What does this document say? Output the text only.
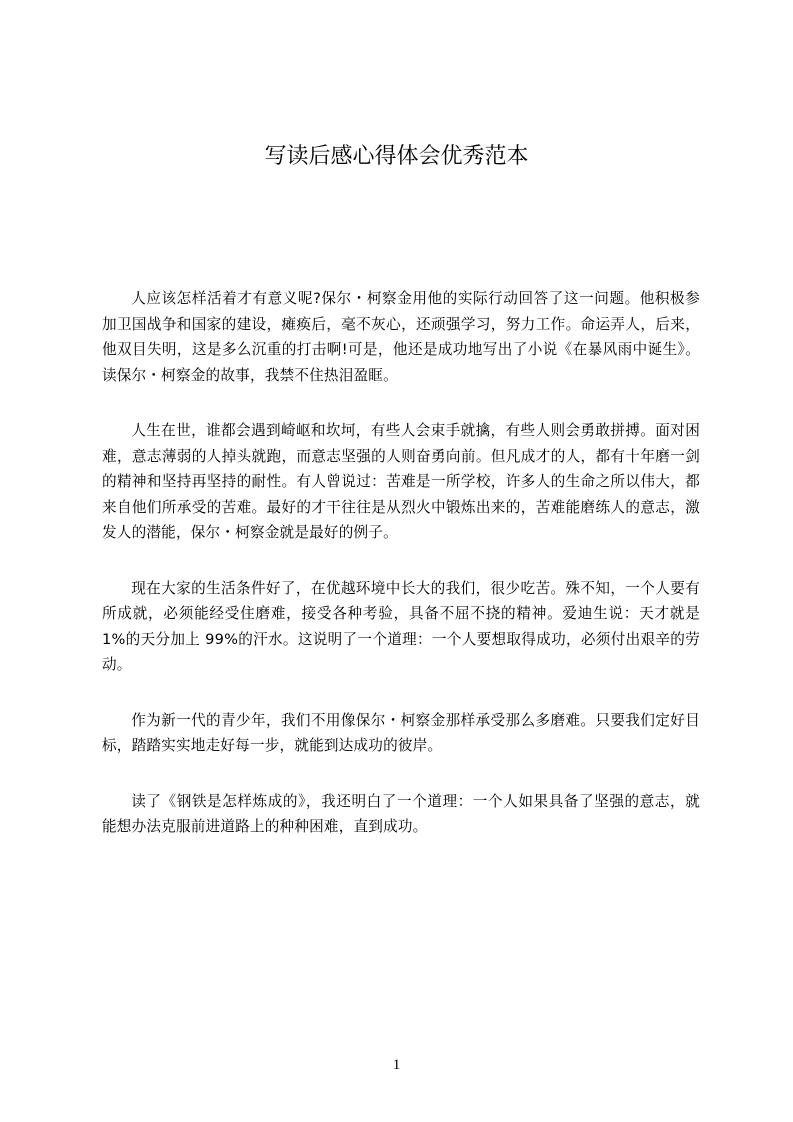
写读后感心得体会优秀范本

人应该怎样活着才有意义呢?保尔・柯察金用他的实际行动回答了这一问题。他积极参加卫国战争和国家的建设，瘫痪后，毫不灰心，还顽强学习，努力工作。命运弄人，后来，他双目失明，这是多么沉重的打击啊!可是，他还是成功地写出了小说《在暴风雨中诞生》。读保尔・柯察金的故事，我禁不住热泪盈眶。

人生在世，谁都会遇到崎岖和坎坷，有些人会束手就擒，有些人则会勇敢拼搏。面对困难，意志薄弱的人掉头就跑，而意志坚强的人则奋勇向前。但凡成才的人，都有十年磨一剑的精神和坚持再坚持的耐性。有人曾说过：苦难是一所学校，许多人的生命之所以伟大，都来自他们所承受的苦难。最好的才干往往是从烈火中锻炼出来的，苦难能磨练人的意志，激发人的潜能，保尔・柯察金就是最好的例子。

现在大家的生活条件好了，在优越环境中长大的我们，很少吃苦。殊不知，一个人要有所成就，必须能经受住磨难，接受各种考验，具备不屈不挠的精神。爱迪生说：天才就是 1%的天分加上 99%的汗水。这说明了一个道理：一个人要想取得成功，必须付出艰辛的劳动。

作为新一代的青少年，我们不用像保尔・柯察金那样承受那么多磨难。只要我们定好目标，踏踏实实地走好每一步，就能到达成功的彼岸。

读了《钢铁是怎样炼成的》，我还明白了一个道理：一个人如果具备了坚强的意志，就能想办法克服前进道路上的种种困难，直到成功。

1
